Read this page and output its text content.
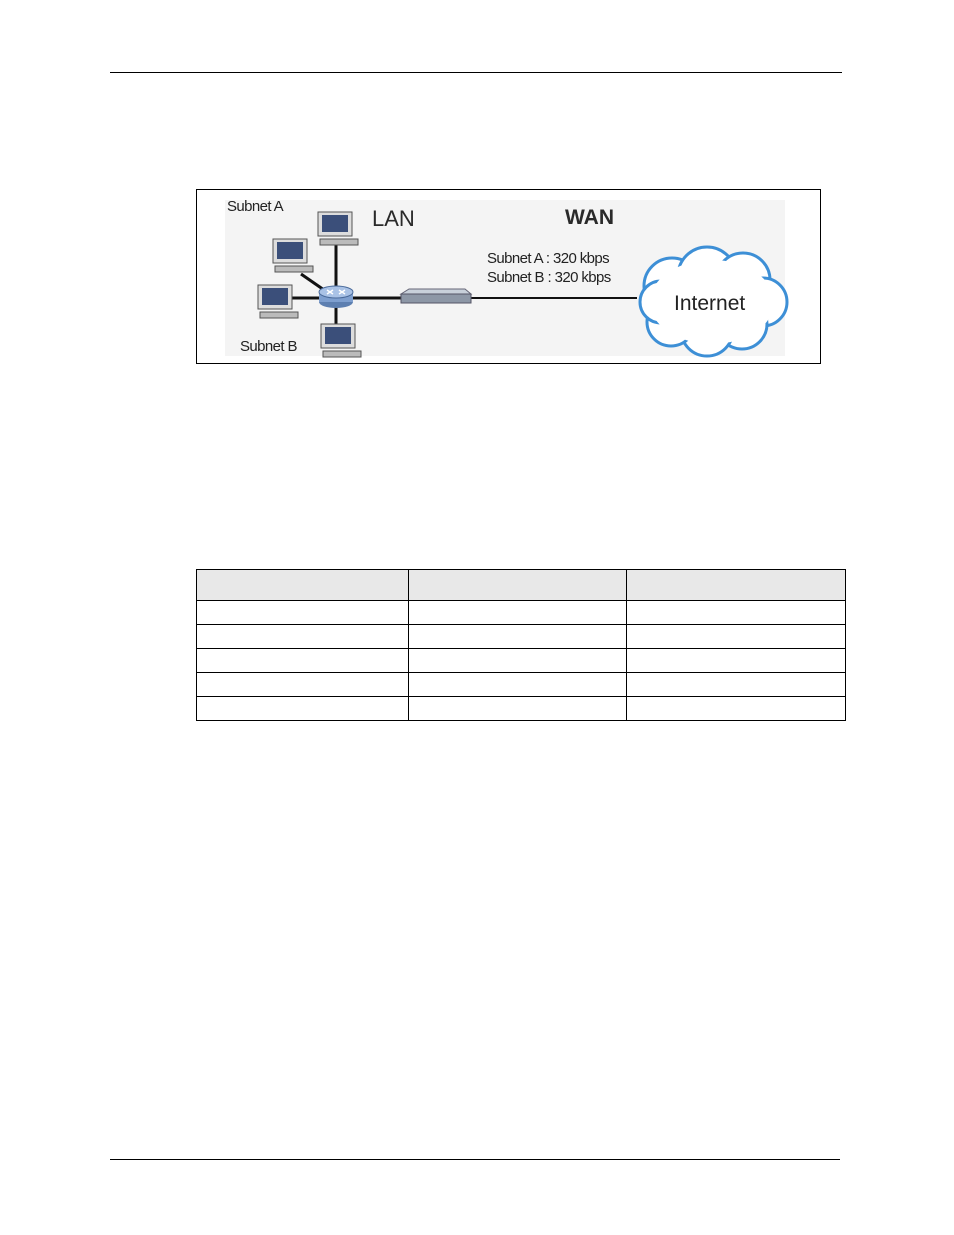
Subnet A
Subnet B
LAN	WAN
Subnet A : 320 kbps
Subnet B : 320 kbps
Internet
